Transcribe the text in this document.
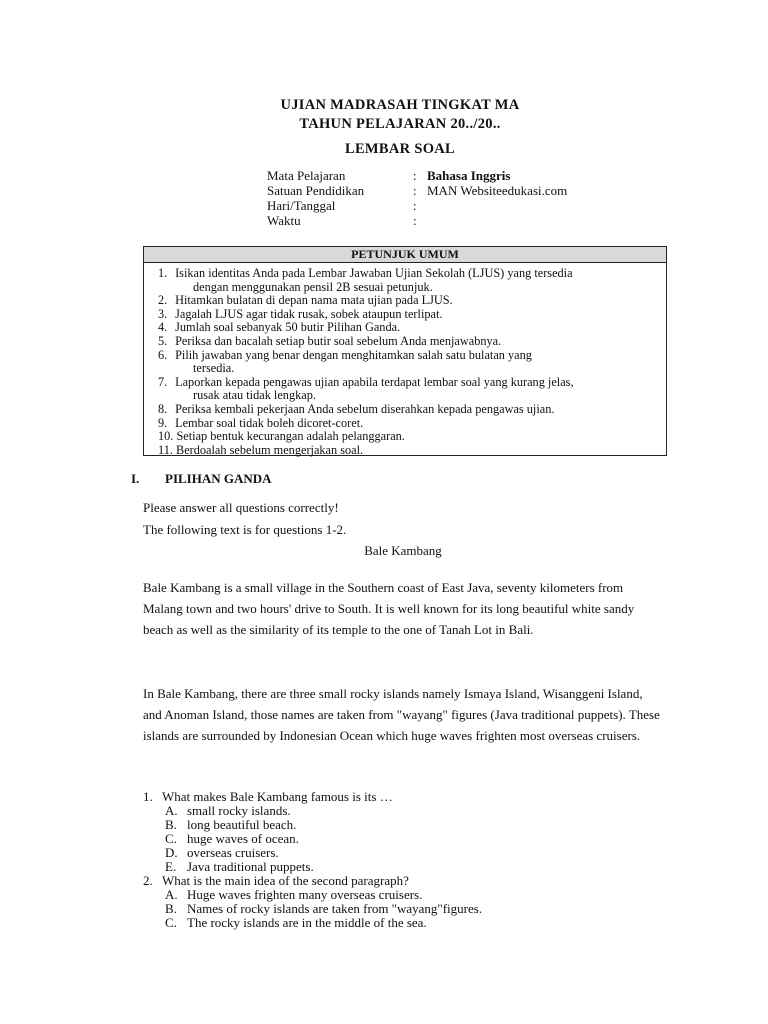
UJIAN MADRASAH TINGKAT MA
TAHUN PELAJARAN 20../20..
LEMBAR SOAL
Mata Pelajaran	: Bahasa Inggris
Satuan Pendidikan	: MAN Websiteedukasi.com
Hari/Tanggal	:
Waktu	:
PETUNJUK UMUM
1. Isikan identitas Anda pada Lembar Jawaban Ujian Sekolah (LJUS) yang tersedia
dengan menggunakan pensil 2B sesuai petunjuk.
2. Hitamkan bulatan di depan nama mata ujian pada LJUS.
3. Jagalah LJUS agar tidak rusak, sobek ataupun terlipat.
4. Jumlah soal sebanyak 50 butir Pilihan Ganda.
5. Periksa dan bacalah setiap butir soal sebelum Anda menjawabnya.
6. Pilih jawaban yang benar dengan menghitamkan salah satu bulatan yang
tersedia.
7. Laporkan kepada pengawas ujian apabila terdapat lembar soal yang kurang jelas,
rusak atau tidak lengkap.
8. Periksa kembali pekerjaan Anda sebelum diserahkan kepada pengawas ujian.
9. Lembar soal tidak boleh dicoret-coret.
10. Setiap bentuk kecurangan adalah pelanggaran.
11. Berdoalah sebelum mengerjakan soal.
I. PILIHAN GANDA
Please answer all questions correctly!
The following text is for questions 1-2.
Bale Kambang
Bale Kambang is a small village in the Southern coast of East Java, seventy kilometers from Malang town and two hours' drive to South. It is well known for its long beautiful white sandy beach as well as the similarity of its temple to the one of Tanah Lot in Bali.
In Bale Kambang, there are three small rocky islands namely Ismaya Island, Wisanggeni Island, and Anoman Island, those names are taken from "wayang" figures (Java traditional puppets). These islands are surrounded by Indonesian Ocean which huge waves frighten most overseas cruisers.
1. What makes Bale Kambang famous is its …
A. small rocky islands.
B. long beautiful beach.
C. huge waves of ocean.
D. overseas cruisers.
E. Java traditional puppets.
2. What is the main idea of the second paragraph?
A. Huge waves frighten many overseas cruisers.
B. Names of rocky islands are taken from "wayang"figures.
C. The rocky islands are in the middle of the sea.
